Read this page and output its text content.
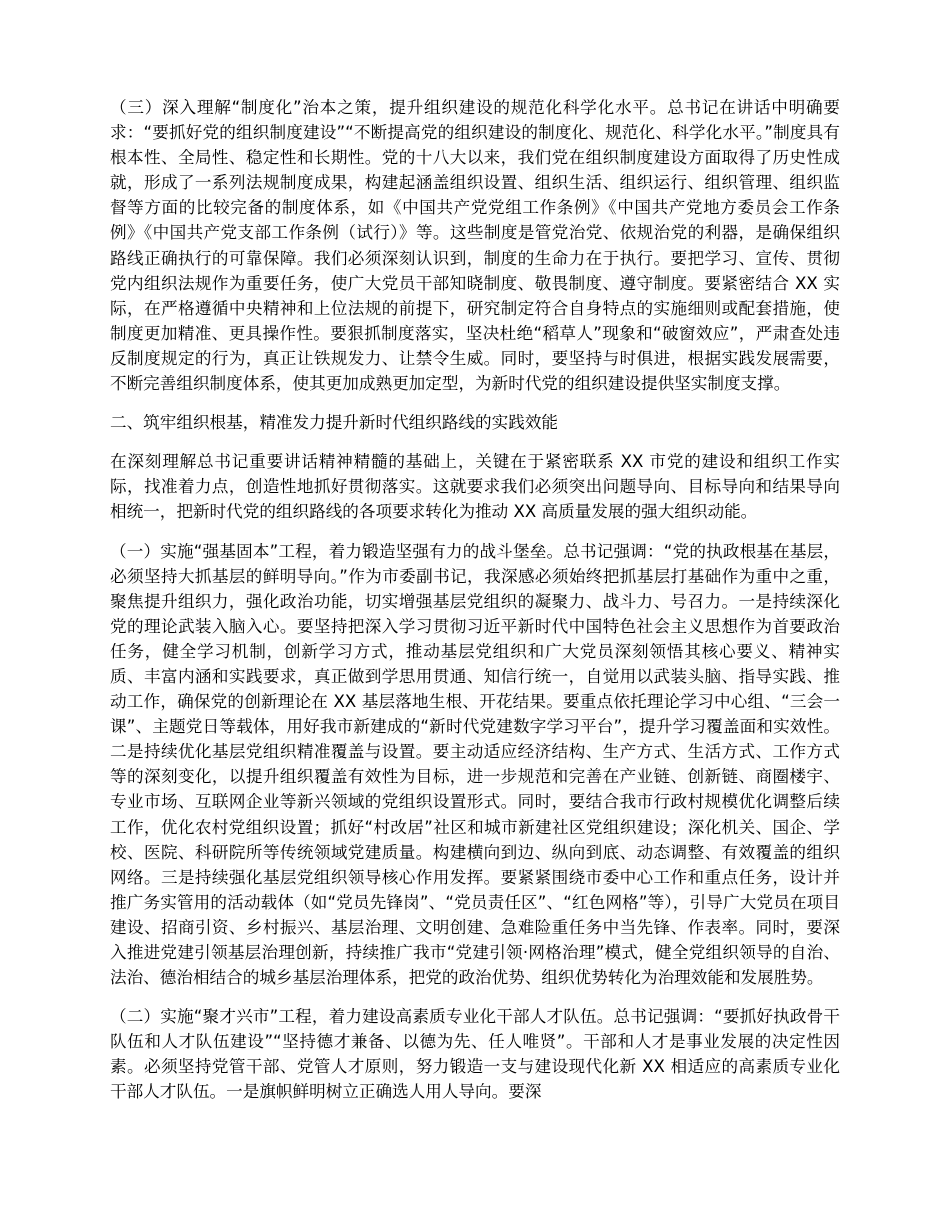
（三）深入理解“制度化”治本之策，提升组织建设的规范化科学化水平。总书记在讲话中明确要求：“要抓好党的组织制度建设”“不断提高党的组织建设的制度化、规范化、科学化水平。”制度具有根本性、全局性、稳定性和长期性。党的十八大以来，我们党在组织制度建设方面取得了历史性成就，形成了一系列法规制度成果，构建起涵盖组织设置、组织生活、组织运行、组织管理、组织监督等方面的比较完备的制度体系，如《中国共产党党组工作条例》《中国共产党地方委员会工作条例》《中国共产党支部工作条例（试行）》等。这些制度是管党治党、依规治党的利器，是确保组织路线正确执行的可靠保障。我们必须深刻认识到，制度的生命力在于执行。要把学习、宣传、贯彻党内组织法规作为重要任务，使广大党员干部知晓制度、敬畏制度、遵守制度。要紧密结合 XX 实际，在严格遵循中央精神和上位法规的前提下，研究制定符合自身特点的实施细则或配套措施，使制度更加精准、更具操作性。要狠抓制度落实，坚决杜绝“稻草人”现象和“破窗效应”，严肃查处违反制度规定的行为，真正让铁规发力、让禁令生威。同时，要坚持与时俱进，根据实践发展需要，不断完善组织制度体系，使其更加成熟更加定型，为新时代党的组织建设提供坚实制度支撑。

二、筑牢组织根基，精准发力提升新时代组织路线的实践效能

在深刻理解总书记重要讲话精神精髓的基础上，关键在于紧密联系 XX 市党的建设和组织工作实际，找准着力点，创造性地抓好贯彻落实。这就要求我们必须突出问题导向、目标导向和结果导向相统一，把新时代党的组织路线的各项要求转化为推动 XX 高质量发展的强大组织动能。

（一）实施“强基固本”工程，着力锻造坚强有力的战斗堡垒。总书记强调：“党的执政根基在基层，必须坚持大抓基层的鲜明导向。”作为市委副书记，我深感必须始终把抓基层打基础作为重中之重，聚焦提升组织力，强化政治功能，切实增强基层党组织的凝聚力、战斗力、号召力。一是持续深化党的理论武装入脑入心。要坚持把深入学习贯彻习近平新时代中国特色社会主义思想作为首要政治任务，健全学习机制，创新学习方式，推动基层党组织和广大党员深刻领悟其核心要义、精神实质、丰富内涵和实践要求，真正做到学思用贯通、知信行统一，自觉用以武装头脑、指导实践、推动工作，确保党的创新理论在 XX 基层落地生根、开花结果。要重点依托理论学习中心组、“三会一课”、主题党日等载体，用好我市新建成的“新时代党建数字学习平台”，提升学习覆盖面和实效性。二是持续优化基层党组织精准覆盖与设置。要主动适应经济结构、生产方式、生活方式、工作方式等的深刻变化，以提升组织覆盖有效性为目标，进一步规范和完善在产业链、创新链、商圈楼宇、专业市场、互联网企业等新兴领域的党组织设置形式。同时，要结合我市行政村规模优化调整后续工作，优化农村党组织设置；抓好“村改居”社区和城市新建社区党组织建设；深化机关、国企、学校、医院、科研院所等传统领域党建质量。构建横向到边、纵向到底、动态调整、有效覆盖的组织网络。三是持续强化基层党组织领导核心作用发挥。要紧紧围绕市委中心工作和重点任务，设计并推广务实管用的活动载体（如“党员先锋岗”、“党员责任区”、“红色网格”等），引导广大党员在项目建设、招商引资、乡村振兴、基层治理、文明创建、急难险重任务中当先锋、作表率。同时，要深入推进党建引领基层治理创新，持续推广我市“党建引领·网格治理”模式，健全党组织领导的自治、法治、德治相结合的城乡基层治理体系，把党的政治优势、组织优势转化为治理效能和发展胜势。

（二）实施“聚才兴市”工程，着力建设高素质专业化干部人才队伍。总书记强调：“要抓好执政骨干队伍和人才队伍建设”“坚持德才兼备、以德为先、任人唯贤”。干部和人才是事业发展的决定性因素。必须坚持党管干部、党管人才原则，努力锻造一支与建设现代化新 XX 相适应的高素质专业化干部人才队伍。一是旗帜鲜明树立正确选人用人导向。要深
